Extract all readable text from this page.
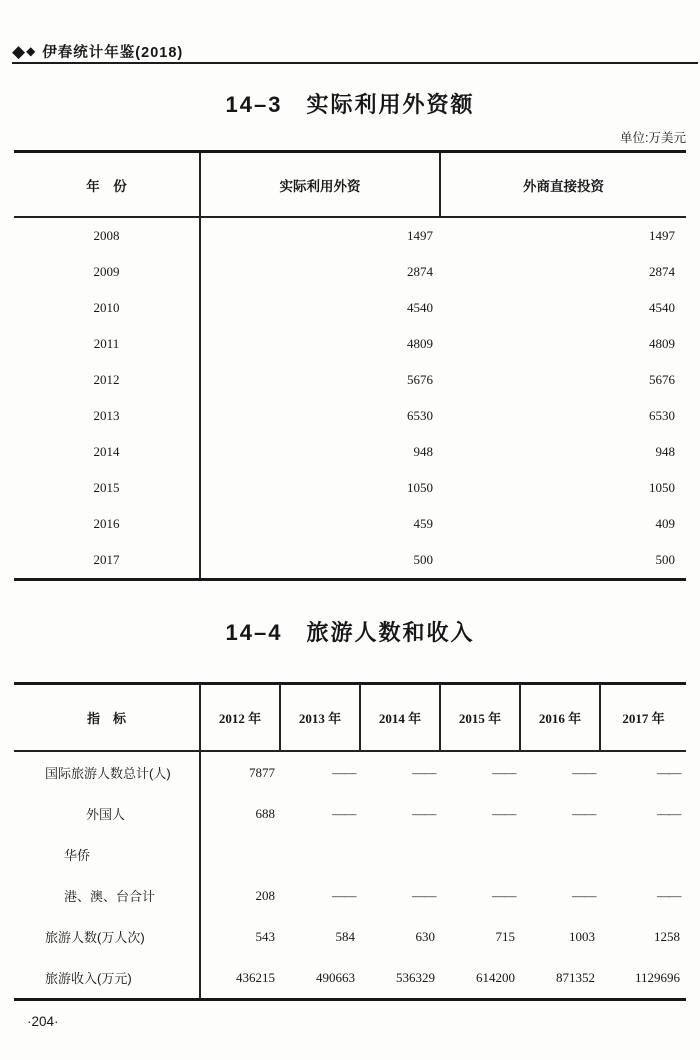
◆ ◆ 伊春统计年鉴(2018)
14–3　实际利用外资额
单位:万美元
年　份	实际利用外资	外商直接投资
2008	1497	1497
2009	2874	2874
2010	4540	4540
2011	4809	4809
2012	5676	5676
2013	6530	6530
2014	948	948
2015	1050	1050
2016	459	409
2017	500	500
14–4　旅游人数和收入
指　标	2012 年	2013 年	2014 年	2015 年	2016 年	2017 年
国际旅游人数总计(人)	7877	——	——	——	——	——
外国人	688	——	——	——	——	——
华侨
港、澳、台合计	208	——	——	——	——	——
旅游人数(万人次)	543	584	630	715	1003	1258
旅游收入(万元)	436215	490663	536329	614200	871352	1129696
·204·
